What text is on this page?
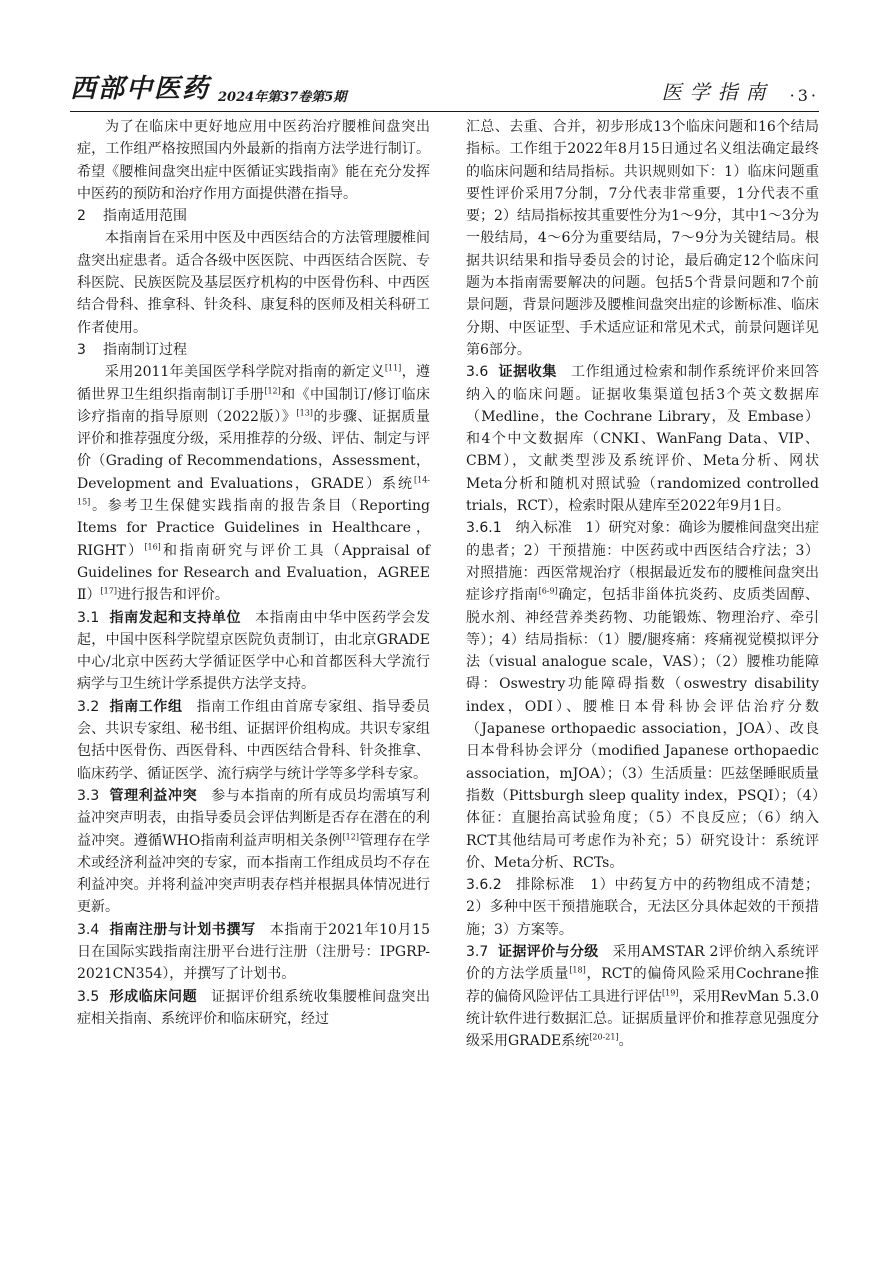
西部中医药 2024年第37卷第5期	医学指南 ·3·

为了在临床中更好地应用中医药治疗腰椎间盘突出症，工作组严格按照国内外最新的指南方法学进行制订。希望《腰椎间盘突出症中医循证实践指南》能在充分发挥中医药的预防和治疗作用方面提供潜在指导。

2 指南适用范围

本指南旨在采用中医及中西医结合的方法管理腰椎间盘突出症患者。适合各级中医医院、中西医结合医院、专科医院、民族医院及基层医疗机构的中医骨伤科、中西医结合骨科、推拿科、针灸科、康复科的医师及相关科研工作者使用。

3 指南制订过程

采用2011年美国医学科学院对指南的新定义[11]，遵循世界卫生组织指南制订手册[12]和《中国制订/修订临床诊疗指南的指导原则（2022版）》[13]的步骤、证据质量评价和推荐强度分级，采用推荐的分级、评估、制定与评价（Grading of Recommendations，Assessment，Development and Evaluations，GRADE）系统[14-15]。参考卫生保健实践指南的报告条目（Reporting Items for Practice Guidelines in Healthcare，RIGHT）[16]和指南研究与评价工具（Appraisal of Guidelines for Research and Evaluation，AGREE Ⅱ）[17]进行报告和评价。

3.1 指南发起和支持单位 本指南由中华中医药学会发起，中国中医科学院望京医院负责制订，由北京GRADE中心/北京中医药大学循证医学中心和首都医科大学流行病学与卫生统计学系提供方法学支持。

3.2 指南工作组 指南工作组由首席专家组、指导委员会、共识专家组、秘书组、证据评价组构成。共识专家组包括中医骨伤、西医骨科、中西医结合骨科、针灸推拿、临床药学、循证医学、流行病学与统计学等多学科专家。

3.3 管理利益冲突 参与本指南的所有成员均需填写利益冲突声明表，由指导委员会评估判断是否存在潜在的利益冲突。遵循WHO指南利益声明相关条例[12]管理存在学术或经济利益冲突的专家，而本指南工作组成员均不存在利益冲突。并将利益冲突声明表存档并根据具体情况进行更新。

3.4 指南注册与计划书撰写 本指南于2021年10月15日在国际实践指南注册平台进行注册（注册号：IPGRP-2021CN354），并撰写了计划书。

3.5 形成临床问题 证据评价组系统收集腰椎间盘突出症相关指南、系统评价和临床研究，经过

汇总、去重、合并，初步形成13个临床问题和16个结局指标。工作组于2022年8月15日通过名义组法确定最终的临床问题和结局指标。共识规则如下：1）临床问题重要性评价采用7分制，7分代表非常重要，1分代表不重要；2）结局指标按其重要性分为1～9分，其中1～3分为一般结局，4～6分为重要结局，7～9分为关键结局。根据共识结果和指导委员会的讨论，最后确定12个临床问题为本指南需要解决的问题。包括5个背景问题和7个前景问题，背景问题涉及腰椎间盘突出症的诊断标准、临床分期、中医证型、手术适应证和常见术式，前景问题详见第6部分。

3.6 证据收集 工作组通过检索和制作系统评价来回答纳入的临床问题。证据收集渠道包括3个英文数据库（Medline，the Cochrane Library，及 Embase）和4个中文数据库（CNKI、WanFang Data、VIP、CBM），文献类型涉及系统评价、Meta分析、网状Meta分析和随机对照试验（randomized controlled trials，RCT），检索时限从建库至2022年9月1日。

3.6.1 纳入标准 1）研究对象：确诊为腰椎间盘突出症的患者；2）干预措施：中医药或中西医结合疗法；3）对照措施：西医常规治疗（根据最近发布的腰椎间盘突出症诊疗指南[6-9]确定，包括非甾体抗炎药、皮质类固醇、脱水剂、神经营养类药物、功能锻炼、物理治疗、牵引等）；4）结局指标：（1）腰/腿疼痛：疼痛视觉模拟评分法（visual analogue scale，VAS）；（2）腰椎功能障碍：Oswestry功能障碍指数（oswestry disability index，ODI）、腰椎日本骨科协会评估治疗分数（Japanese orthopaedic association，JOA）、改良日本骨科协会评分（modified Japanese orthopaedic association，mJOA）；（3）生活质量：匹兹堡睡眠质量指数（Pittsburgh sleep quality index，PSQI）；（4）体征：直腿抬高试验角度；（5）不良反应；（6）纳入RCT其他结局可考虑作为补充；5）研究设计：系统评价、Meta分析、RCTs。

3.6.2 排除标准 1）中药复方中的药物组成不清楚；2）多种中医干预措施联合，无法区分具体起效的干预措施；3）方案等。

3.7 证据评价与分级 采用AMSTAR 2评价纳入系统评价的方法学质量[18]，RCT的偏倚风险采用Cochrane推荐的偏倚风险评估工具进行评估[19]，采用RevMan 5.3.0统计软件进行数据汇总。证据质量评价和推荐意见强度分级采用GRADE系统[20-21]。
